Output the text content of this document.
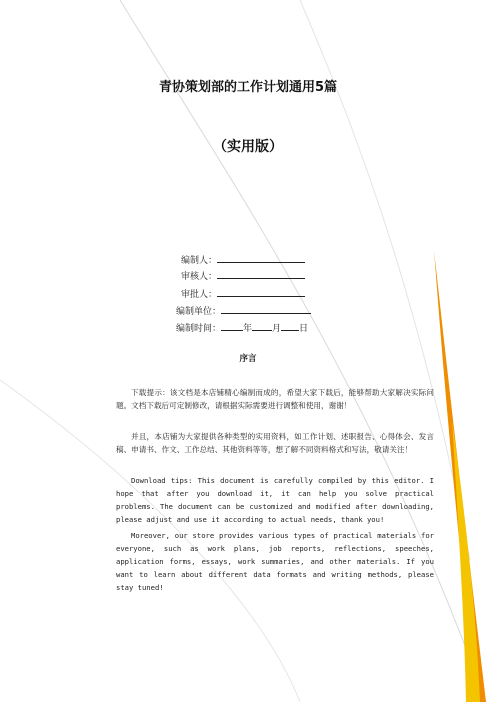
青协策划部的工作计划通用5篇
（实用版）
编制人：
审核人：
审批人：
编制单位：
编制时间： 年 月 日
序言

下载提示：该文档是本店铺精心编制而成的，希望大家下载后，能够帮助大家解决实际问题。文档下载后可定制修改，请根据实际需要进行调整和使用，谢谢！

并且，本店铺为大家提供各种类型的实用资料，如工作计划、述职报告、心得体会、发言稿、申请书、作文、工作总结、其他资料等等，想了解不同资料格式和写法，敬请关注！

Download tips: This document is carefully compiled by this editor. I hope that after you download it, it can help you solve practical problems. The document can be customized and modified after downloading, please adjust and use it according to actual needs, thank you!

Moreover, our store provides various types of practical materials for everyone, such as work plans, job reports, reflections, speeches, application forms, essays, work summaries, and other materials. If you want to learn about different data formats and writing methods, please stay tuned!
